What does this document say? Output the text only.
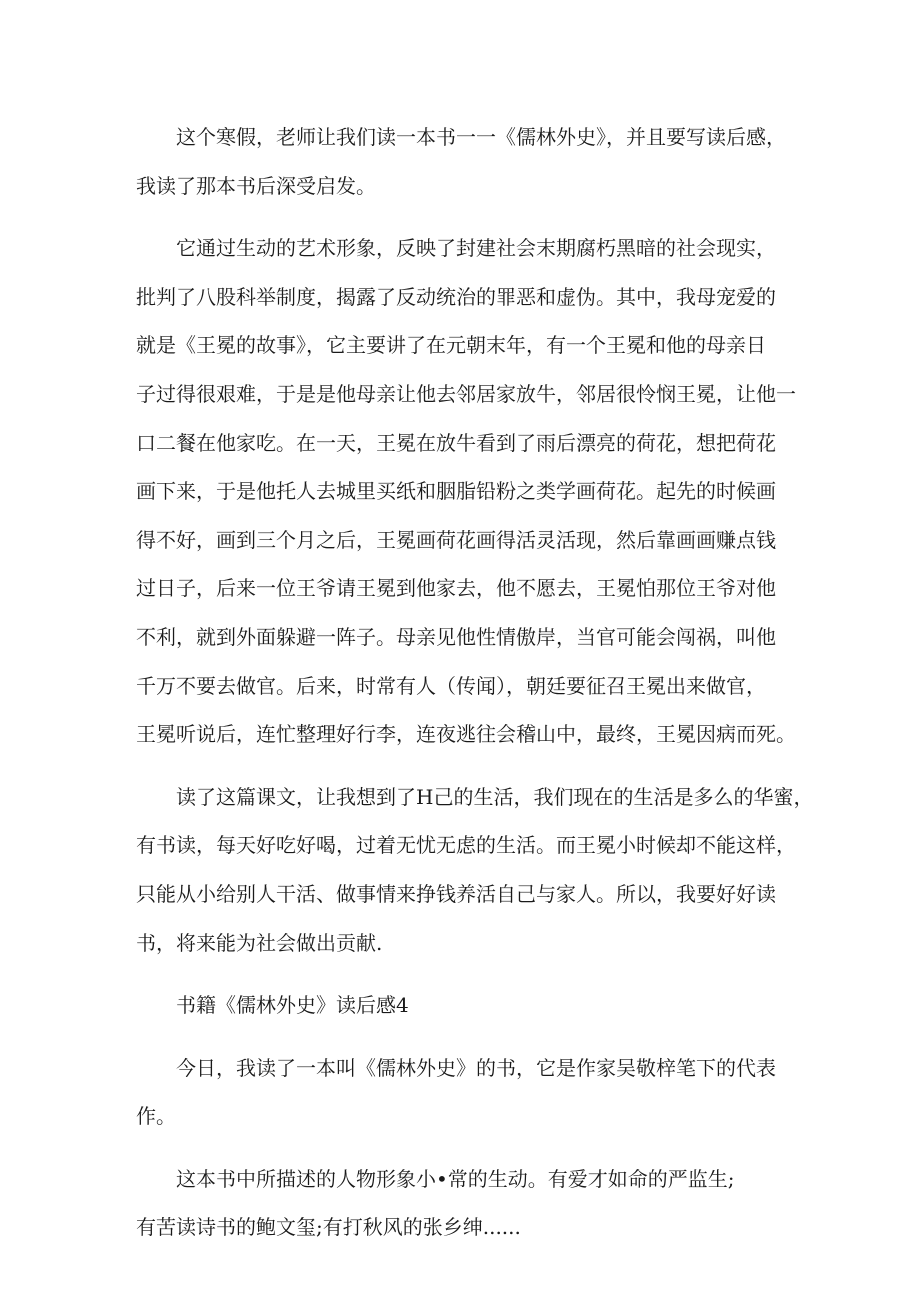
这个寒假，老师让我们读一本书一一《儒林外史》，并且要写读后感，
我读了那本书后深受启发。

它通过生动的艺术形象，反映了封建社会末期腐朽黑暗的社会现实，
批判了八股科举制度，揭露了反动统治的罪恶和虚伪。其中，我母宠爱的
就是《王冕的故事》，它主要讲了在元朝末年，有一个王冕和他的母亲日
子过得很艰难，于是是他母亲让他去邻居家放牛，邻居很怜悯王冕，让他一
口二餐在他家吃。在一天，王冕在放牛看到了雨后漂亮的荷花，想把荷花
画下来，于是他托人去城里买纸和胭脂铅粉之类学画荷花。起先的时候画
得不好，画到三个月之后，王冕画荷花画得活灵活现，然后靠画画赚点钱
过日子，后来一位王爷请王冕到他家去，他不愿去，王冕怕那位王爷对他
不利，就到外面躲避一阵子。母亲见他性情傲岸，当官可能会闯祸，叫他
千万不要去做官。后来，时常有人（传闻），朝廷要征召王冕出来做官，
王冕听说后，连忙整理好行李，连夜逃往会稽山中，最终，王冕因病而死。

读了这篇课文，让我想到了H己的生活，我们现在的生活是多么的华蜜，
有书读，每天好吃好喝，过着无忧无虑的生活。而王冕小时候却不能这样，
只能从小给别人干活、做事情来挣钱养活自己与家人。所以，我要好好读
书，将来能为社会做出贡献.

书籍《儒林外史》读后感4

今日，我读了一本叫《儒林外史》的书，它是作家吴敬梓笔下的代表
作。

这本书中所描述的人物形象小•常的生动。有爱才如命的严监生;
有苦读诗书的鲍文玺;有打秋风的张乡绅......
